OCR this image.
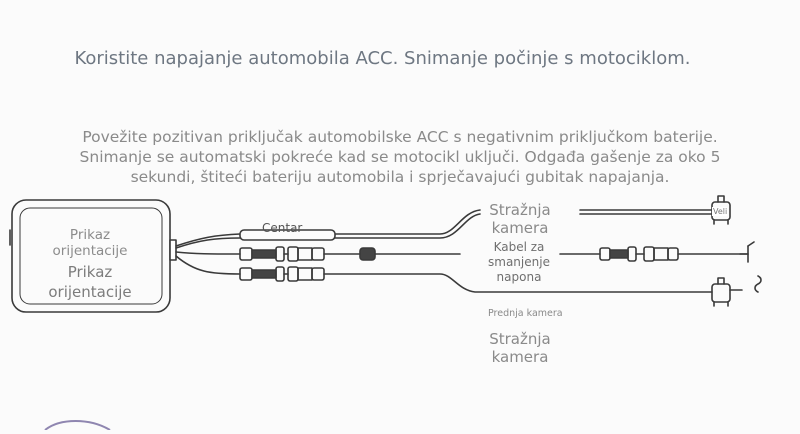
Koristite napajanje automobila ACC. Snimanje počinje s motociklom.
Povežite pozitivan priključak automobilske ACC s negativnim priključkom baterije.
Snimanje se automatski pokreće kad se motocikl uključi. Odgađa gašenje za oko 5
sekundi, štiteći bateriju automobila i sprječavajući gubitak napajanja.
Prikaz
orijentacije
Prikaz
orijentacije
Centar
Stražnja
kamera
Kabel za
smanjenje
napona
Prednja kamera
Stražnja
kamera
Veli
